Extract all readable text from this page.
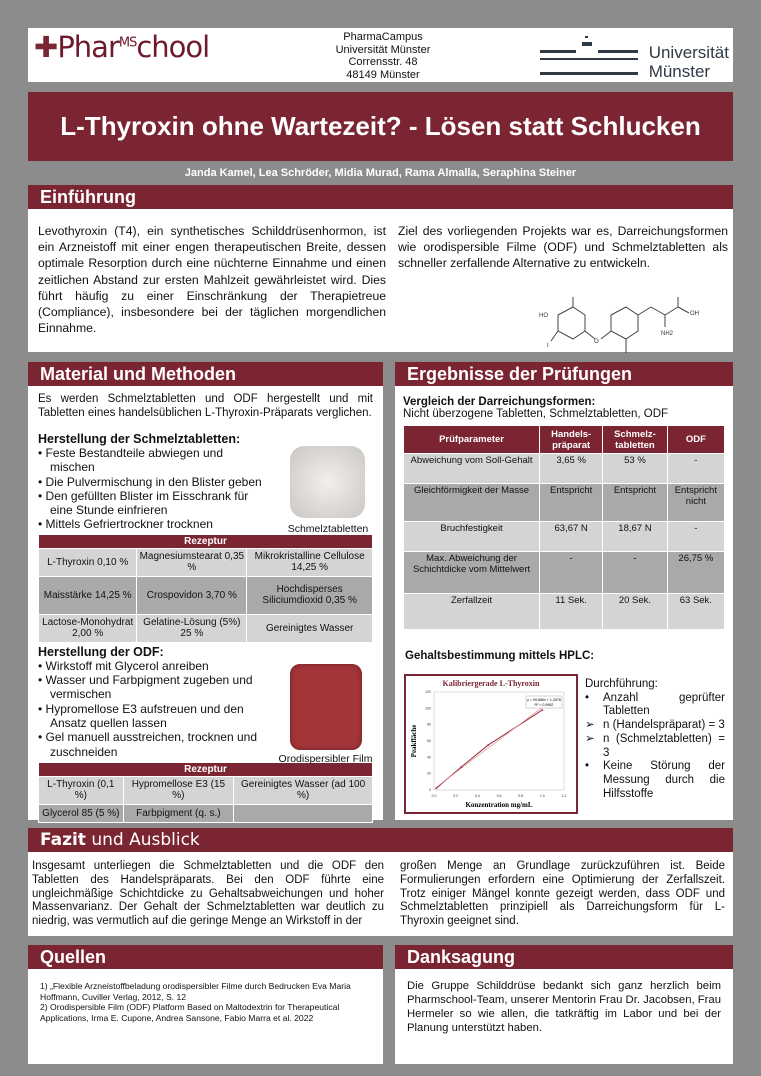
✚Phar$^{MS}$chool	PharmaCampus
Universität Münster
Corrensstr. 48
48149 Münster
Universität
Münster
L-Thyroxin ohne Wartezeit? - Lösen statt Schlucken
Janda Kamel, Lea Schröder, Midia Murad, Rama Almalla, Seraphina Steiner
Einführung

Levothyroxin (T4), ein synthetisches Schilddrüsenhormon, ist ein Arzneistoff mit einer engen therapeutischen Breite, dessen optimale Resorption durch eine nüchterne Einnahme und einen zeitlichen Abstand zur ersten Mahlzeit gewährleistet wird. Dies führt häufig zu einer Einschränkung der Therapietreue (Compliance), insbesondere bei der täglichen morgendlichen Einnahme.

Ziel des vorliegenden Projekts war es, Darreichungsformen wie orodispersible Filme (ODF) und Schmelztabletten als schneller zerfallende Alternative zu entwickeln.

HO
O
OH
NH2
I
Material und Methoden

Es werden Schmelztabletten und ODF hergestellt und mit Tabletten eines handelsüblichen L-Thyroxin-Präparats verglichen.

Herstellung der Schmelztabletten:
• Feste Bestandteile abwiegen und mischen
• Die Pulvermischung in den Blister geben
• Den gefüllten Blister im Eisschrank für eine Stunde einfrieren
• Mittels Gefriertrockner trocknen	Schmelztabletten
Rezeptur		
L-Thyroxin 0,10 %	Magnesiumstearat 0,35 %	Mikrokristalline Cellulose 14,25 %
Maisstärke 14,25 %	Crospovidon 3,70 %	Hochdisperses Siliciumdioxid 0,35 %
Lactose-Monohydrat 2,00 %	Gelatine-Lösung (5%) 25 %	Gereinigtes Wasser
Herstellung der ODF:
• Wirkstoff mit Glycerol anreiben
• Wasser und Farbpigment zugeben und vermischen
• Hypromellose E3 aufstreuen und den Ansatz quellen lassen
• Gel manuell ausstreichen, trocknen und zuschneiden
Orodispersibler Film
Rezeptur		
L-Thyroxin (0,1 %)	Hypromellose E3 (15 %)	Gereinigtes Wasser (ad 100 %)
Glycerol 85 (5 %)	Farbpigment (q. s.)	
Ergebnisse der Prüfungen
Vergleich der Darreichungsformen:
Nicht überzogene Tabletten, Schmelztabletten, ODF
Prüfparameter	Handels-präparat	Schmelz-tabletten	ODF
Abweichung vom Soll-Gehalt	3,65 %	53 %	-
Gleichförmigkeit der Masse	Entspricht	Entspricht	Entspricht nicht
Bruchfestigkeit	63,67 N	18,67 N	-
Max. Abweichung der Schichtdicke vom Mittelwert	-	-	26,75 %
Zerfallzeit	11 Sek.	20 Sek.	63 Sek.
Gehaltsbestimmung mittels HPLC:
Kalibriergerade L-Thyroxin
0.0	0.2	0.4	0.6	0.8	1.0	1.2
0
20
40
60
80
100
120
Konzentration mg/mL
Peakfläche
y = 99,886x + 1,3978
R² = 0,9962
Durchführung:
•	Anzahl geprüfter Tabletten
➢ n (Handelspräparat) = 3
➢ n (Schmelztabletten) = 3
•	Keine Störung der Messung durch die Hilfsstoffe
Fazit und Ausblick

Insgesamt unterliegen die Schmelztabletten und die ODF den Tabletten des Handelspräparats. Bei den ODF führte eine ungleichmäßige Schichtdicke zu Gehaltsabweichungen und hoher Massenvarianz. Der Gehalt der Schmelztabletten war deutlich zu niedrig, was vermutlich auf die geringe Menge an Wirkstoff in der

großen Menge an Grundlage zurückzuführen ist. Beide Formulierungen erfordern eine Optimierung der Zerfallszeit. Trotz einiger Mängel konnte gezeigt werden, dass ODF und Schmelztabletten prinzipiell als Darreichungsform für L-Thyroxin geeignet sind.

Quellen
1) „Flexible Arzneistoffbeladung orodispersibler Filme durch Bedrucken Eva Maria Hoffmann, Cuviller Verlag, 2012, S. 12
2) Orodispersible Film (ODF) Platform Based on Maltodextrin for Therapeutical Applications, Irma E. Cupone, Andrea Sansone, Fabio Marra et al. 2022
Danksagung

Die Gruppe Schilddrüse bedankt sich ganz herzlich beim Pharmschool-Team, unserer Mentorin Frau Dr. Jacobsen, Frau Hermeler so wie allen, die tatkräftig im Labor und bei der Planung unterstützt haben.
